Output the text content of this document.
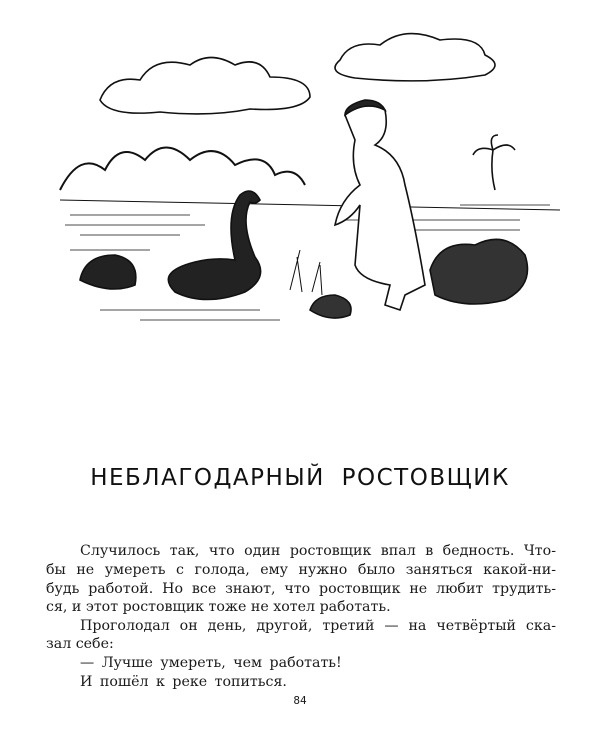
НЕБЛАГОДАРНЫЙ РОСТОВЩИК
Случилось так, что один ростовщик впал в бедность. Что-
бы не умереть с голода, ему нужно было заняться какой-ни-
будь работой. Но все знают, что ростовщик не любит трудить-
ся, и этот ростовщик тоже не хотел работать.
Проголодал он день, другой, третий — на четвёртый ска-
зал себе:
— Лучше умереть, чем работать!
И пошёл к реке топиться.
84
